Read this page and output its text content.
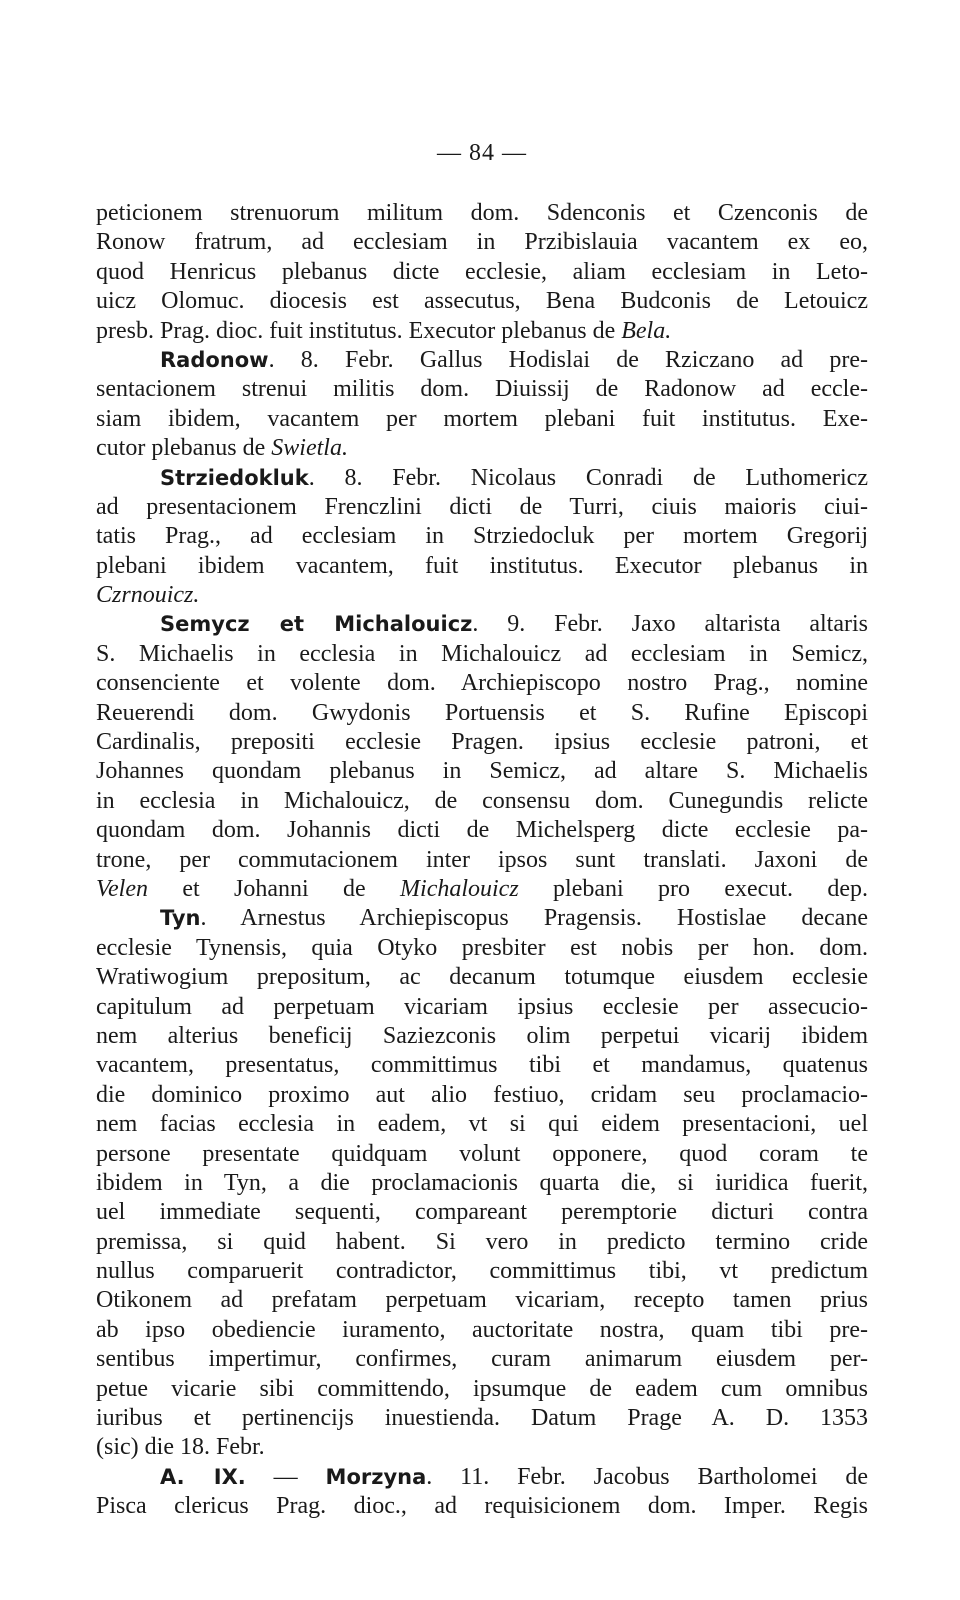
— 84 —
peticionem strenuorum militum dom. Sdenconis et Czenconis de
Ronow fratrum, ad ecclesiam in Przibislauia vacantem ex eo,
quod Henricus plebanus dicte ecclesie, aliam ecclesiam in Leto-
uicz Olomuc. diocesis est assecutus, Bena Budconis de Letouicz
presb. Prag. dioc. fuit institutus. Executor plebanus de Bela.
Radonow. 8. Febr. Gallus Hodislai de Rziczano ad pre-
sentacionem strenui militis dom. Diuissij de Radonow ad eccle-
siam ibidem, vacantem per mortem plebani fuit institutus. Exe-
cutor plebanus de Swietla.
Strziedokluk. 8. Febr. Nicolaus Conradi de Luthomericz
ad presentacionem Frenczlini dicti de Turri, ciuis maioris ciui-
tatis Prag., ad ecclesiam in Strziedocluk per mortem Gregorij
plebani ibidem vacantem, fuit institutus. Executor plebanus in
Czrnouicz.
Semycz et Michalouicz. 9. Febr. Jaxo altarista altaris
S. Michaelis in ecclesia in Michalouicz ad ecclesiam in Semicz,
consenciente et volente dom. Archiepiscopo nostro Prag., nomine
Reuerendi dom. Gwydonis Portuensis et S. Rufine Episcopi
Cardinalis, prepositi ecclesie Pragen. ipsius ecclesie patroni, et
Johannes quondam plebanus in Semicz, ad altare S. Michaelis
in ecclesia in Michalouicz, de consensu dom. Cunegundis relicte
quondam dom. Johannis dicti de Michelsperg dicte ecclesie pa-
trone, per commutacionem inter ipsos sunt translati. Jaxoni de
Velen et Johanni de Michalouicz plebani pro execut. dep.
Tyn. Arnestus Archiepiscopus Pragensis. Hostislae decane
ecclesie Tynensis, quia Otyko presbiter est nobis per hon. dom.
Wratiwogium prepositum, ac decanum totumque eiusdem ecclesie
capitulum ad perpetuam vicariam ipsius ecclesie per assecucio-
nem alterius beneficij Saziezconis olim perpetui vicarij ibidem
vacantem, presentatus, committimus tibi et mandamus, quatenus
die dominico proximo aut alio festiuo, cridam seu proclamacio-
nem facias ecclesia in eadem, vt si qui eidem presentacioni, uel
persone presentate quidquam volunt opponere, quod coram te
ibidem in Tyn, a die proclamacionis quarta die, si iuridica fuerit,
uel immediate sequenti, compareant peremptorie dicturi contra
premissa, si quid habent. Si vero in predicto termino cride
nullus comparuerit contradictor, committimus tibi, vt predictum
Otikonem ad prefatam perpetuam vicariam, recepto tamen prius
ab ipso obediencie iuramento, auctoritate nostra, quam tibi pre-
sentibus impertimur, confirmes, curam animarum eiusdem per-
petue vicarie sibi committendo, ipsumque de eadem cum omnibus
iuribus et pertinencijs inuestienda. Datum Prage A. D. 1353
(sic) die 18. Febr.
A. IX. — Morzyna. 11. Febr. Jacobus Bartholomei de
Pisca clericus Prag. dioc., ad requisicionem dom. Imper. Regis
